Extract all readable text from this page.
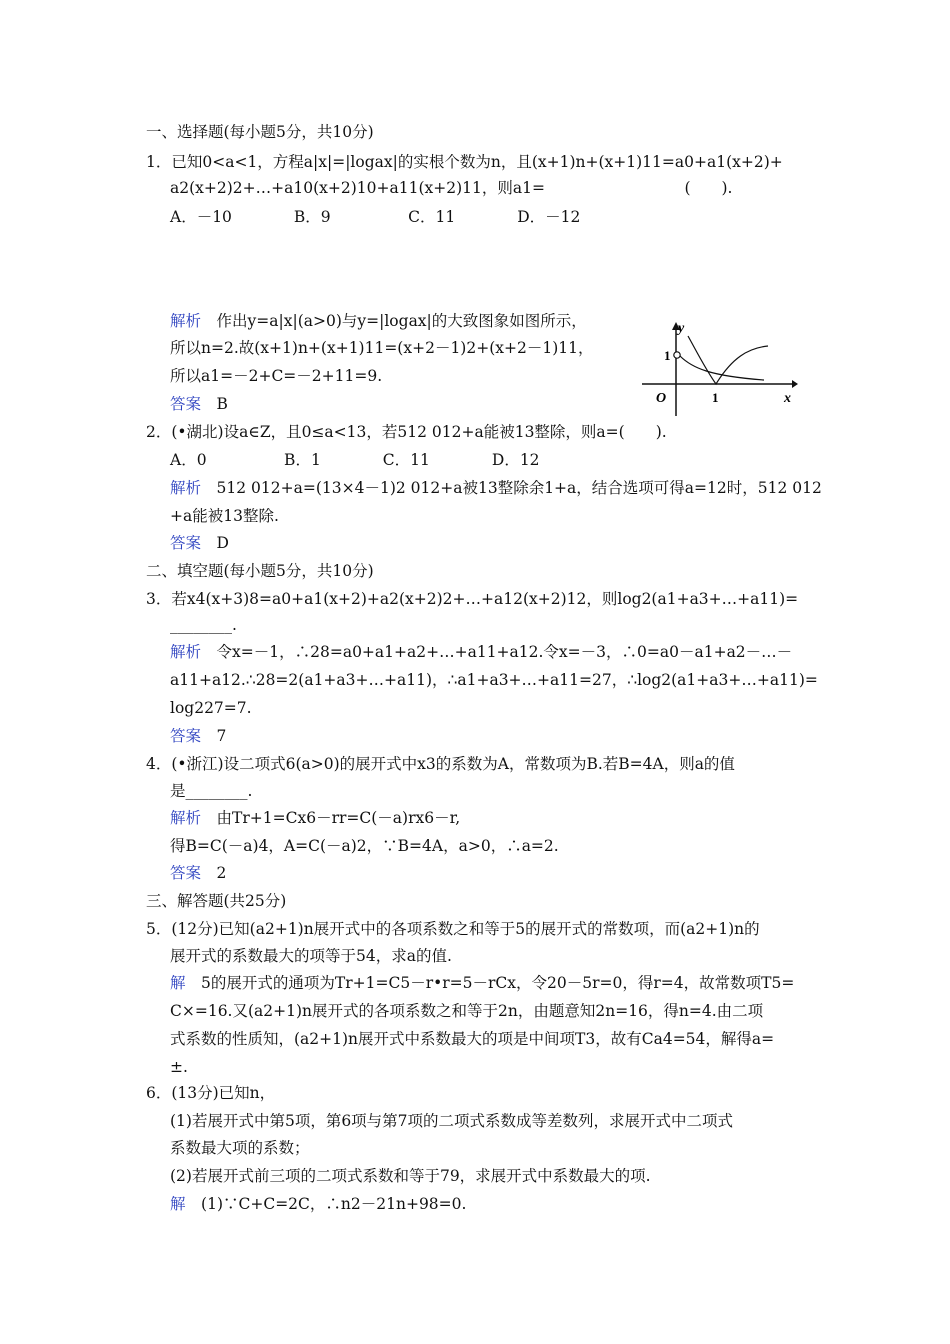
一、选择题(每小题5分，共10分)
1．已知0<a<1，方程a|x|=|logax|的实根个数为n，且(x+1)n+(x+1)11=a0+a1(x+2)+
a2(x+2)2+…+a10(x+2)10+a11(x+2)11，则a1=　　　　　　　　　(　　).
A．－10　　　　B．9　　　　　C．11　　　　D．－12
解析　 作出y=a|x|(a>0)与y=|logax|的大致图象如图所示，
所以n=2.故(x+1)n+(x+1)11=(x+2－1)2+(x+2－1)11，
所以a1=－2+C=－2+11=9.
答案　 B
y
x
O
1
1
2．(•湖北)设a∈Z，且0≤a<13，若512 012+a能被13整除，则a=(　　).
A．0　　　　　B．1　　　　C．11　　　　D．12
解析　 512 012+a=(13×4－1)2 012+a被13整除余1+a，结合选项可得a=12时，512 012
+a能被13整除.
答案　 D
二、填空题(每小题5分，共10分)
3．若x4(x+3)8=a0+a1(x+2)+a2(x+2)2+…+a12(x+2)12，则log2(a1+a3+…+a11)=
________.
解析　 令x=－1，∴28=a0+a1+a2+…+a11+a12.令x=－3，∴0=a0－a1+a2－…－
a11+a12.∴28=2(a1+a3+…+a11)，∴a1+a3+…+a11=27，∴log2(a1+a3+…+a11)=
log227=7.
答案　 7
4．(•浙江)设二项式6(a>0)的展开式中x3的系数为A，常数项为B.若B=4A，则a的值
是________.
解析　 由Tr+1=Cx6－rr=C(－a)rx6－r,
得B=C(－a)4，A=C(－a)2，∵B=4A，a>0，∴a=2.
答案　 2
三、解答题(共25分)
5．(12分)已知(a2+1)n展开式中的各项系数之和等于5的展开式的常数项，而(a2+1)n的
展开式的系数最大的项等于54，求a的值.
解　 5的展开式的通项为Tr+1=C5－r•r=5－rCx，令20－5r=0，得r=4，故常数项T5=
C×=16.又(a2+1)n展开式的各项系数之和等于2n，由题意知2n=16，得n=4.由二项
式系数的性质知，(a2+1)n展开式中系数最大的项是中间项T3，故有Ca4=54，解得a=
±.
6．(13分)已知n，
(1)若展开式中第5项，第6项与第7项的二项式系数成等差数列，求展开式中二项式
系数最大项的系数；
(2)若展开式前三项的二项式系数和等于79，求展开式中系数最大的项.
解　 (1)∵C+C=2C，∴n2－21n+98=0.
